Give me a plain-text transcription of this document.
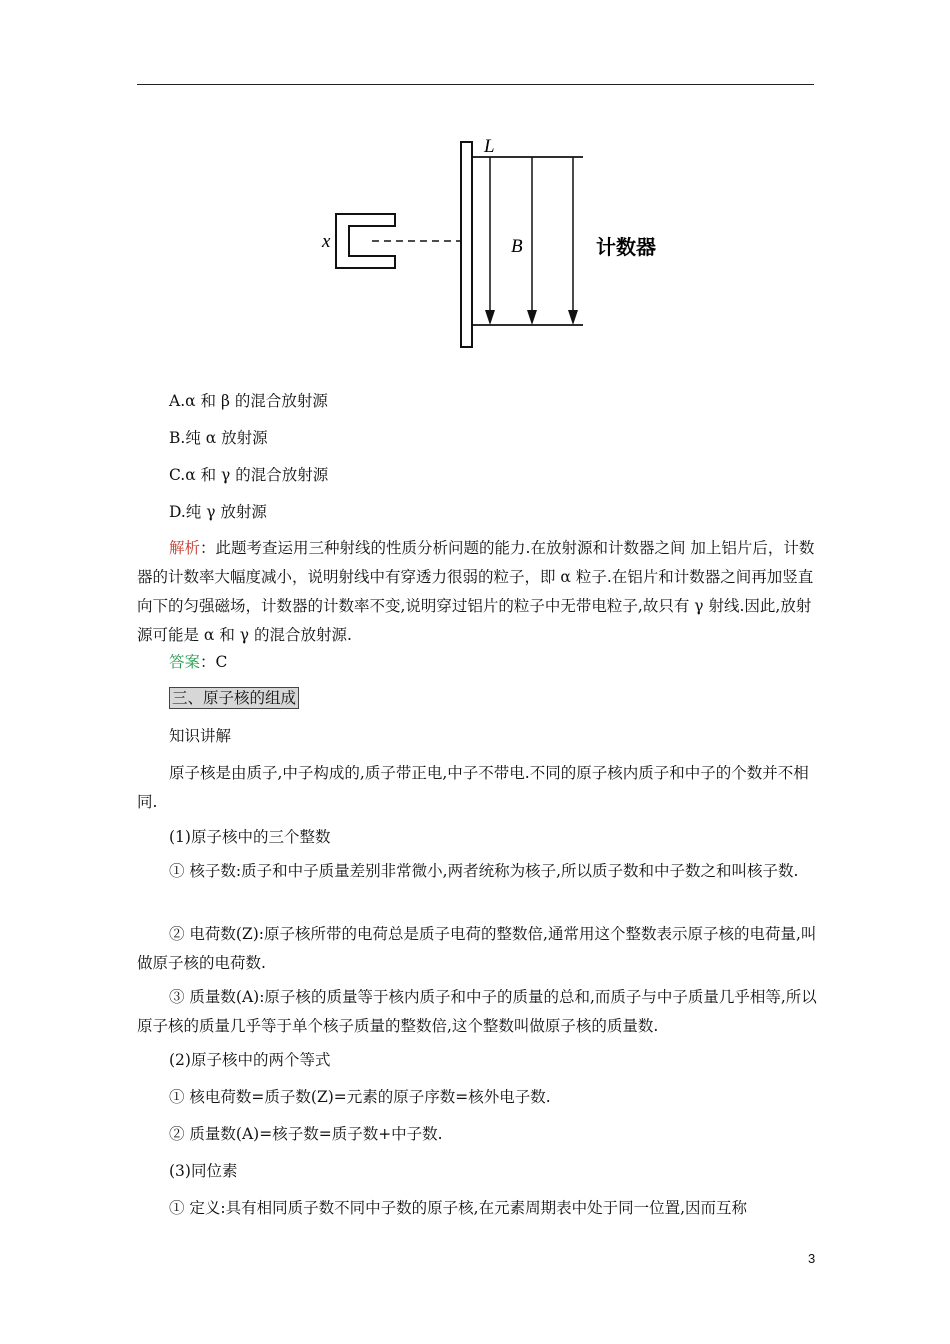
x
L
B	计数器
A.α 和 β 的混合放射源
B.纯 α 放射源
C.α 和 γ 的混合放射源
D.纯 γ 放射源
解析：此题考查运用三种射线的性质分析问题的能力.在放射源和计数器之间 加上铝片后，计数器的计数率大幅度减小，说明射线中有穿透力很弱的粒子，即 α 粒子.在铝片和计数器之间再加竖直向下的匀强磁场，计数器的计数率不变,说明穿过铝片的粒子中无带电粒子,故只有 γ 射线.因此,放射源可能是 α 和 γ 的混合放射源.
答案：C
三、原子核的组成
知识讲解
原子核是由质子,中子构成的,质子带正电,中子不带电.不同的原子核内质子和中子的个数并不相同.
(1)原子核中的三个整数
① 核子数:质子和中子质量差别非常微小,两者统称为核子,所以质子数和中子数之和叫核子数.
② 电荷数(Z):原子核所带的电荷总是质子电荷的整数倍,通常用这个整数表示原子核的电荷量,叫做原子核的电荷数.
③ 质量数(A):原子核的质量等于核内质子和中子的质量的总和,而质子与中子质量几乎相等,所以原子核的质量几乎等于单个核子质量的整数倍,这个整数叫做原子核的质量数.
(2)原子核中的两个等式
① 核电荷数=质子数(Z)=元素的原子序数=核外电子数.
② 质量数(A)=核子数=质子数+中子数.
(3)同位素
① 定义:具有相同质子数不同中子数的原子核,在元素周期表中处于同一位置,因而互称
3
